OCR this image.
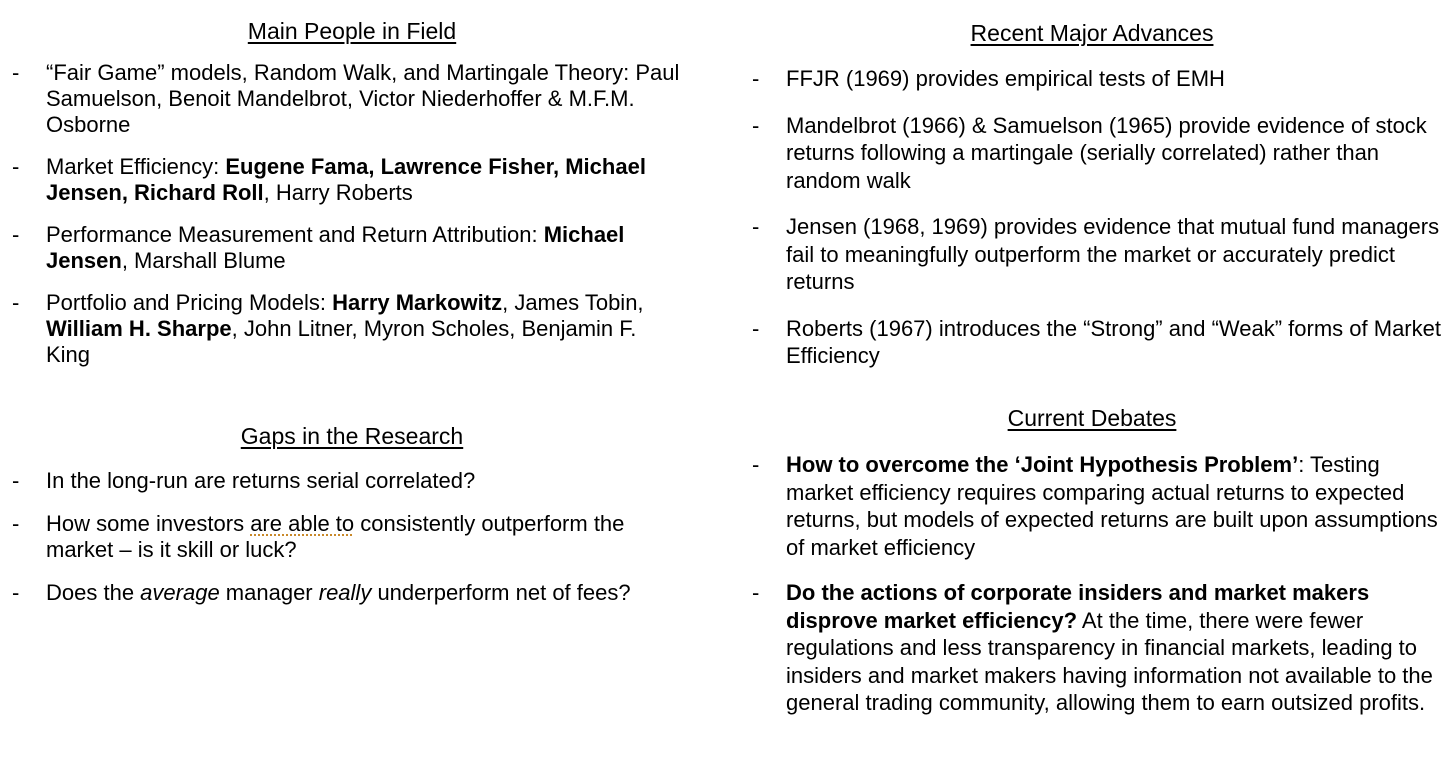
Main People in Field
- “Fair Game” models, Random Walk, and Martingale Theory: Paul Samuelson, Benoit Mandelbrot, Victor Niederhoffer & M.F.M. Osborne
- Market Efficiency: Eugene Fama, Lawrence Fisher, Michael Jensen, Richard Roll, Harry Roberts
- Performance Measurement and Return Attribution: Michael Jensen, Marshall Blume
- Portfolio and Pricing Models: Harry Markowitz, James Tobin, William H. Sharpe, John Litner, Myron Scholes, Benjamin F. King
Gaps in the Research
- In the long-run are returns serial correlated?
- How some investors are able to consistently outperform the market – is it skill or luck?
- Does the average manager really underperform net of fees?
Recent Major Advances
- FFJR (1969) provides empirical tests of EMH
- Mandelbrot (1966) & Samuelson (1965) provide evidence of stock returns following a martingale (serially correlated) rather than random walk
- Jensen (1968, 1969) provides evidence that mutual fund managers fail to meaningfully outperform the market or accurately predict returns
- Roberts (1967) introduces the “Strong” and “Weak” forms of Market Efficiency
Current Debates
- How to overcome the ‘Joint Hypothesis Problem’: Testing market efficiency requires comparing actual returns to expected returns, but models of expected returns are built upon assumptions of market efficiency
- Do the actions of corporate insiders and market makers disprove market efficiency? At the time, there were fewer regulations and less transparency in financial markets, leading to insiders and market makers having information not available to the general trading community, allowing them to earn outsized profits.
